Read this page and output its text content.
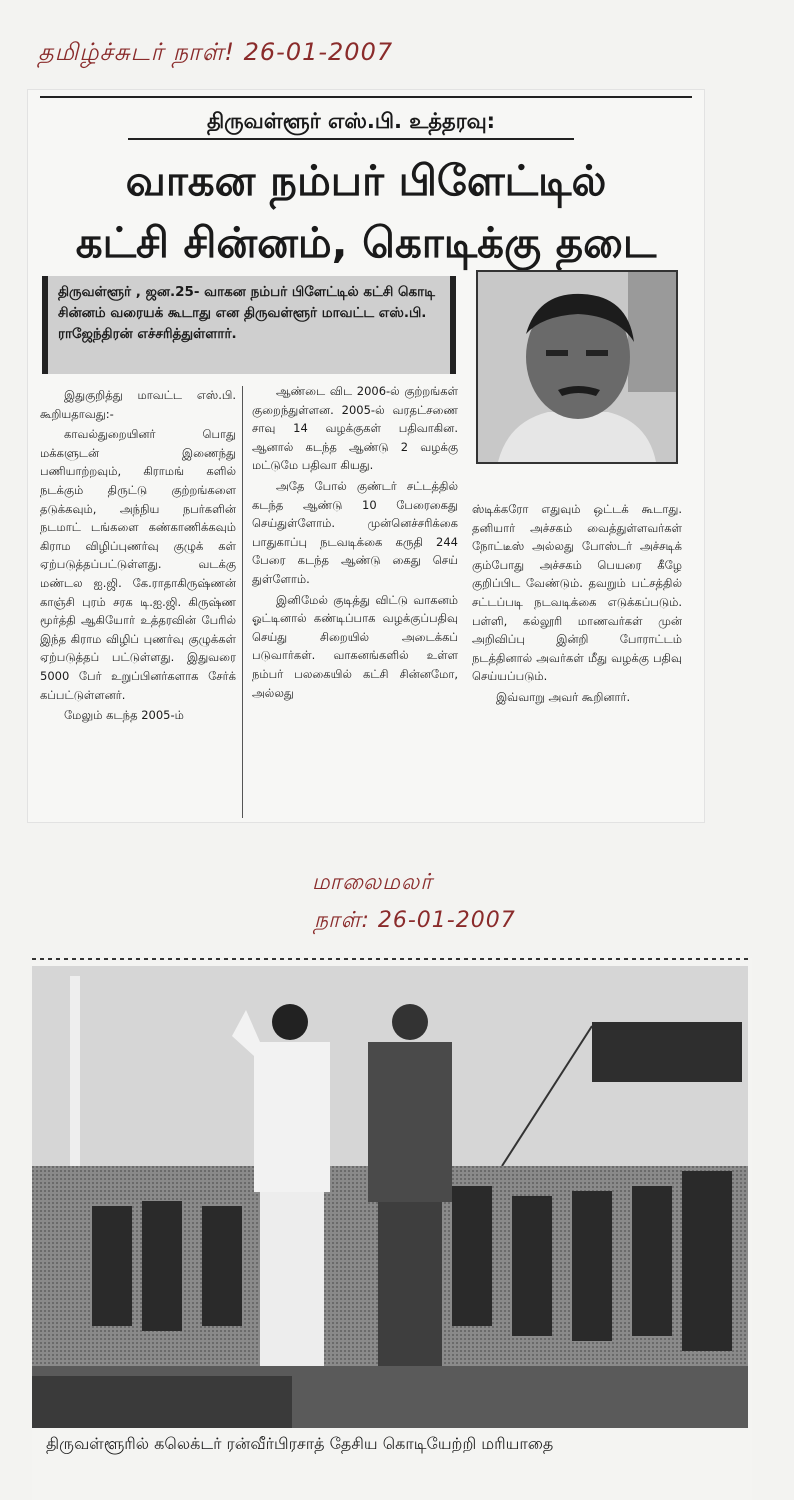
தமிழ்ச்சுடர் நாள்! 26-01-2007
திருவள்ளூர் எஸ்.பி. உத்தரவு:
வாகன நம்பர் பிளேட்டில்
கட்சி சின்னம், கொடிக்கு தடை
திருவள்ளூர் , ஜன.25- வாகன நம்பர் பிளேட்டில் கட்சி கொடி சின்னம் வரையக் கூடாது என திருவள்ளூர் மாவட்ட எஸ்.பி. ராஜேந்திரன் எச்சரித்துள்ளார்.

இதுகுறித்து மாவட்ட எஸ்.பி. கூறியதாவது:-

காவல்துறையினர் பொது மக்களுடன் இணைந்து பணியாற்றவும், கிராமங் களில் நடக்கும் திருட்டு குற்றங்களை தடுக்கவும், அந்நிய நபர்களின் நடமாட் டங்களை கண்காணிக்கவும் கிராம விழிப்புணர்வு குழுக் கள் ஏற்படுத்தப்பட்டுள்ளது. வடக்கு மண்டல ஐ.ஜி. கே.ராதாகிருஷ்ணன் காஞ்சி புரம் சரக டி.ஐ.ஜி. கிருஷ்ண மூர்த்தி ஆகியோர் உத்தரவின் பேரில் இந்த கிராம விழிப் புணர்வு குழுக்கள் ஏற்படுத்தப் பட்டுள்ளது. இதுவரை 5000 பேர் உறுப்பினர்களாக சேர்க் கப்பட்டுள்ளனர்.

மேலும் கடந்த 2005-ம்

ஆண்டை விட 2006-ல் குற்றங்கள் குறைந்துள்ளன. 2005-ல் வரதட்சணை சாவு 14 வழக்குகள் பதிவாகின. ஆனால் கடந்த ஆண்டு 2 வழக்கு மட்டுமே பதிவா கியது.

அதே போல் குண்டர் சட்டத்தில் கடந்த ஆண்டு 10 பேரைகைது செய்துள்ளோம். முன்னெச்சரிக்கை பாதுகாப்பு நடவடிக்கை கருதி 244 பேரை கடந்த ஆண்டு கைது செய் துள்ளோம்.

இனிமேல் குடித்து விட்டு வாகனம் ஓட்டினால் கண்டிப்பாக வழக்குப்பதிவு செய்து சிறையில் அடைக்கப் படுவார்கள். வாகனங்களில் உள்ள நம்பர் பலகையில் கட்சி சின்னமோ, அல்லது

ஸ்டிக்கரோ எதுவும் ஒட்டக் கூடாது. தனியார் அச்சகம் வைத்துள்ளவர்கள் நோட்டீஸ் அல்லது போஸ்டர் அச்சடிக் கும்போது அச்சகம் பெயரை கீழே குறிப்பிட வேண்டும். தவறும் பட்சத்தில் சட்டப்படி நடவடிக்கை எடுக்கப்படும். பள்ளி, கல்லூரி மாணவர்கள் முன் அறிவிப்பு இன்றி போராட்டம் நடத்தினால் அவர்கள் மீது வழக்கு பதிவு செய்யப்படும்.

இவ்வாறு அவர் கூறினார்.

மாலைமலர்
நாள்: 26-01-2007
திருவள்ளூரில் கலெக்டர் ரன்வீர்பிரசாத் தேசிய கொடியேற்றி மரியாதை
